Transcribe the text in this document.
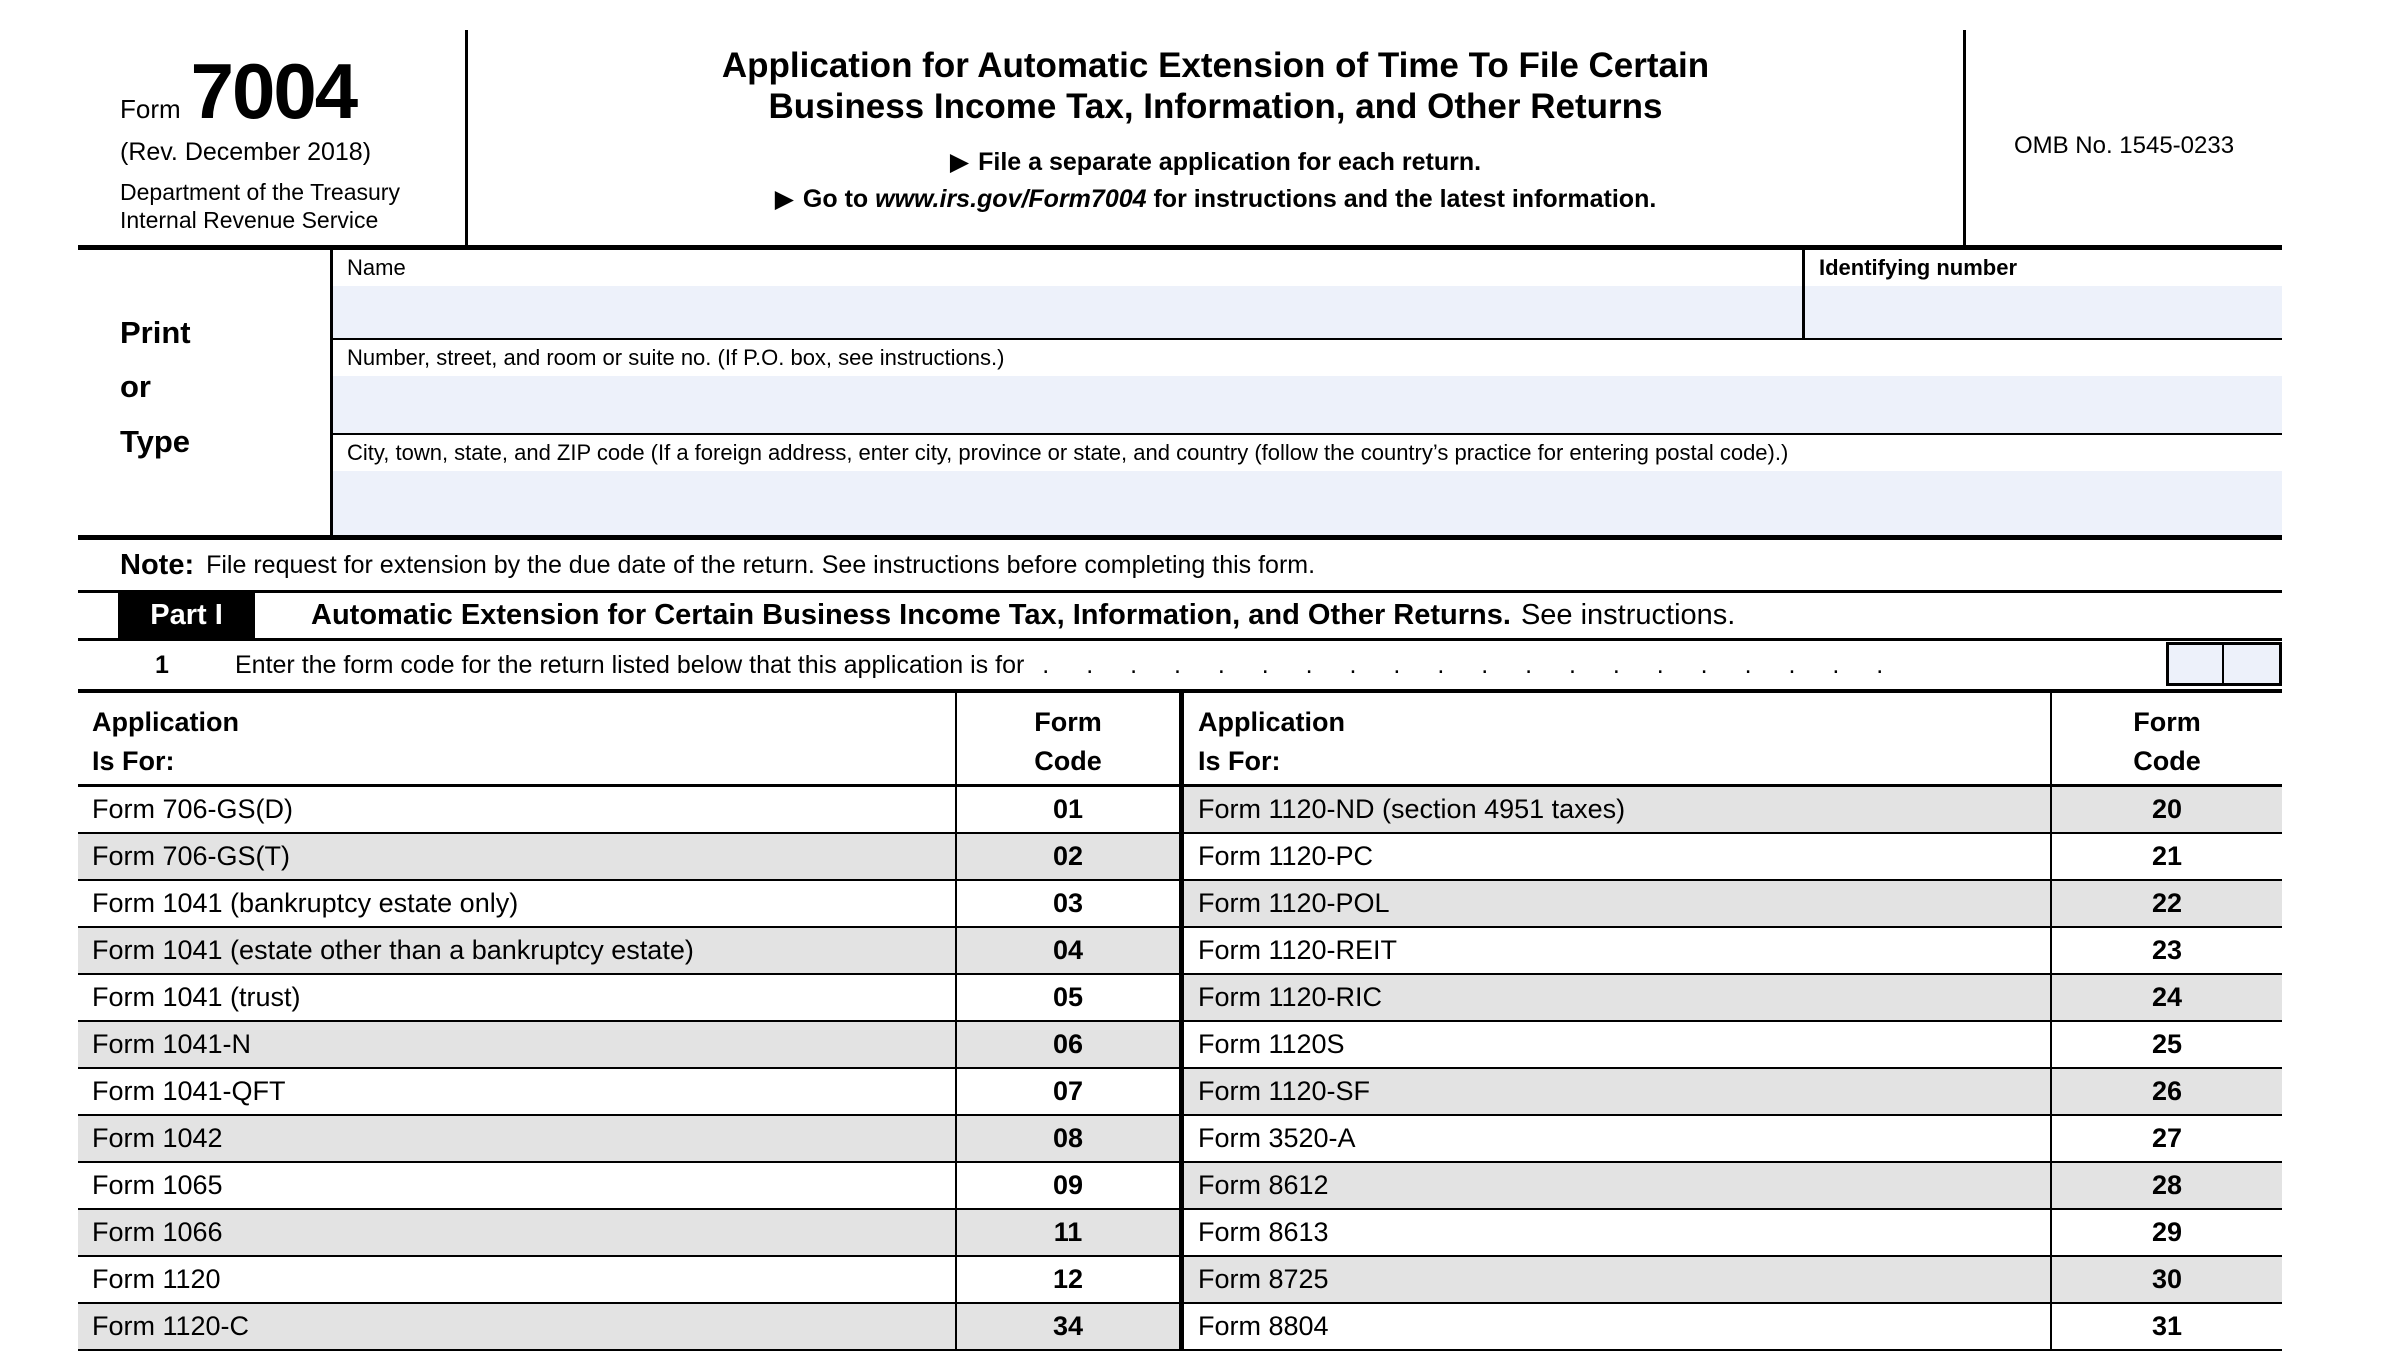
Form 7004
(Rev. December 2018)
Department of the Treasury
Internal Revenue Service
Application for Automatic Extension of Time To File Certain
Business Income Tax, Information, and Other Returns
▶ File a separate application for each return.
▶ Go to www.irs.gov/Form7004 for instructions and the latest information.
OMB No. 1545-0233
Print
or
Type
Name	Identifying number
Number, street, and room or suite no. (If P.O. box, see instructions.)
City, town, state, and ZIP code (If a foreign address, enter city, province or state, and country (follow the country’s practice for entering postal code).)
Note: File request for extension by the due date of the return. See instructions before completing this form.
Part I	Automatic Extension for Certain Business Income Tax, Information, and Other Returns. See instructions.
1	Enter the form code for the return listed below that this application is for . . . . . . . . . . . . . . . . . . . .
Application
Is For:
Form
Code
Application
Is For:
Form
Code
Form 706-GS(D)	01
Form 706-GS(T)	02
Form 1041 (bankruptcy estate only)	03
Form 1041 (estate other than a bankruptcy estate)	04
Form 1041 (trust)	05
Form 1041-N	06
Form 1041-QFT	07
Form 1042	08
Form 1065	09
Form 1066	11
Form 1120	12
Form 1120-C	34
Form 1120-ND (section 4951 taxes)	20
Form 1120-PC	21
Form 1120-POL	22
Form 1120-REIT	23
Form 1120-RIC	24
Form 1120S	25
Form 1120-SF	26
Form 3520-A	27
Form 8612	28
Form 8613	29
Form 8725	30
Form 8804	31
